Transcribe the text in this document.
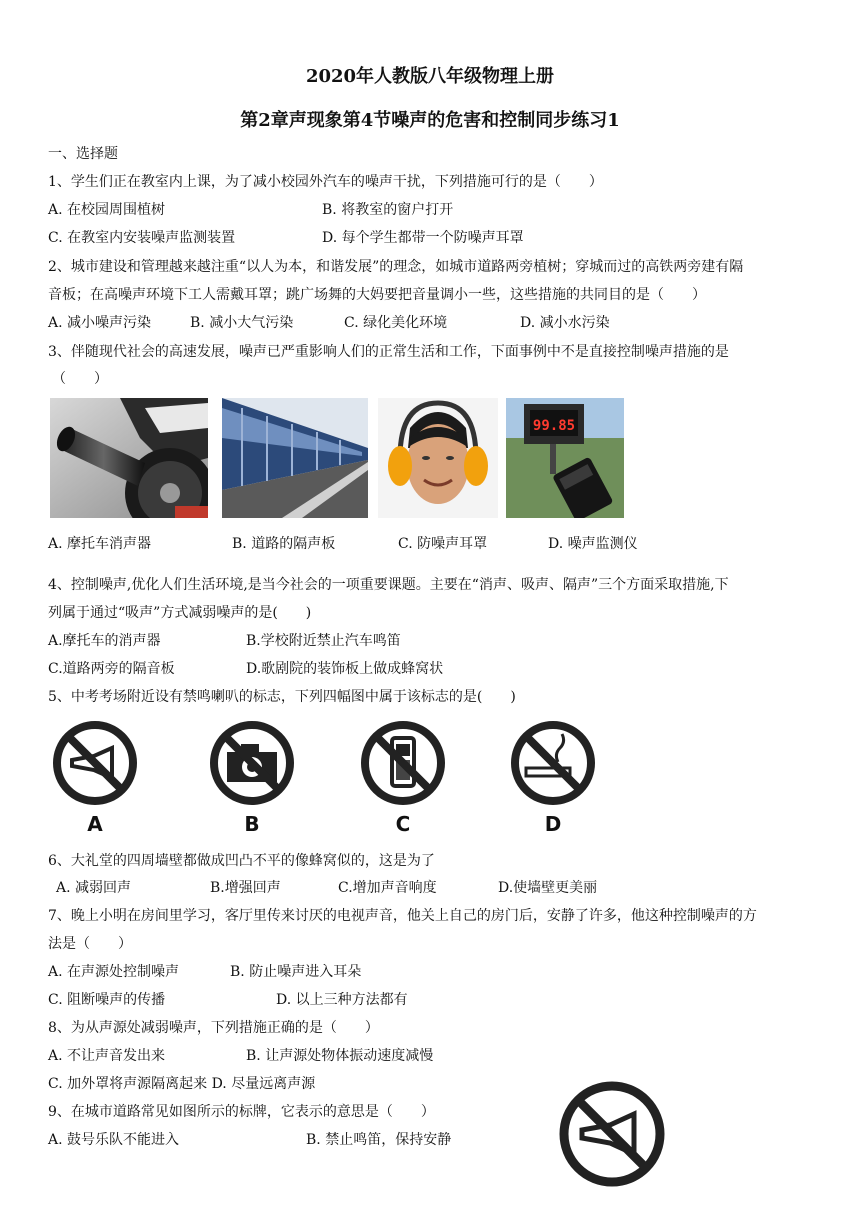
2020年人教版八年级物理上册
第2章声现象第4节噪声的危害和控制同步练习1
一、选择题
1、学生们正在教室内上课，为了减小校园外汽车的噪声干扰，下列措施可行的是（　　）
A. 在校园周围植树	B. 将教室的窗户打开
C. 在教室内安装噪声监测装置	D. 每个学生都带一个防噪声耳罩
2、城市建设和管理越来越注重“以人为本，和谐发展”的理念，如城市道路两旁植树；穿城而过的高铁两旁建有隔
音板；在高噪声环境下工人需戴耳罩；跳广场舞的大妈要把音量调小一些，这些措施的共同目的是（　　）
A. 减小噪声污染	B. 减小大气污染	C. 绿化美化环境	D. 减小水污染
3、伴随现代社会的高速发展，噪声已严重影响人们的正常生活和工作，下面事例中不是直接控制噪声措施的是
（　　）
99.85
A. 摩托车消声器	B. 道路的隔声板	C. 防噪声耳罩	D. 噪声监测仪
4、控制噪声,优化人们生活环境,是当今社会的一项重要课题。主要在“消声、吸声、隔声”三个方面采取措施,下
列属于通过“吸声”方式减弱噪声的是(　　)
A.摩托车的消声器	B.学校附近禁止汽车鸣笛
C.道路两旁的隔音板	D.歌剧院的装饰板上做成蜂窝状
5、中考考场附近设有禁鸣喇叭的标志，下列四幅图中属于该标志的是(　　)
A	B	C	D
6、大礼堂的四周墙壁都做成凹凸不平的像蜂窝似的，这是为了
A. 减弱回声	B.增强回声	C.增加声音响度	D.使墙壁更美丽
7、晚上小明在房间里学习，客厅里传来讨厌的电视声音，他关上自己的房门后，安静了许多，他这种控制噪声的方
法是（　　）
A. 在声源处控制噪声	B. 防止噪声进入耳朵
C. 阻断噪声的传播	D. 以上三种方法都有
8、为从声源处减弱噪声，下列措施正确的是（　　）
A. 不让声音发出来	B. 让声源处物体振动速度减慢
C. 加外罩将声源隔离起来 D. 尽量远离声源
9、在城市道路常见如图所示的标牌，它表示的意思是（　　）
A. 鼓号乐队不能进入	B. 禁止鸣笛，保持安静
